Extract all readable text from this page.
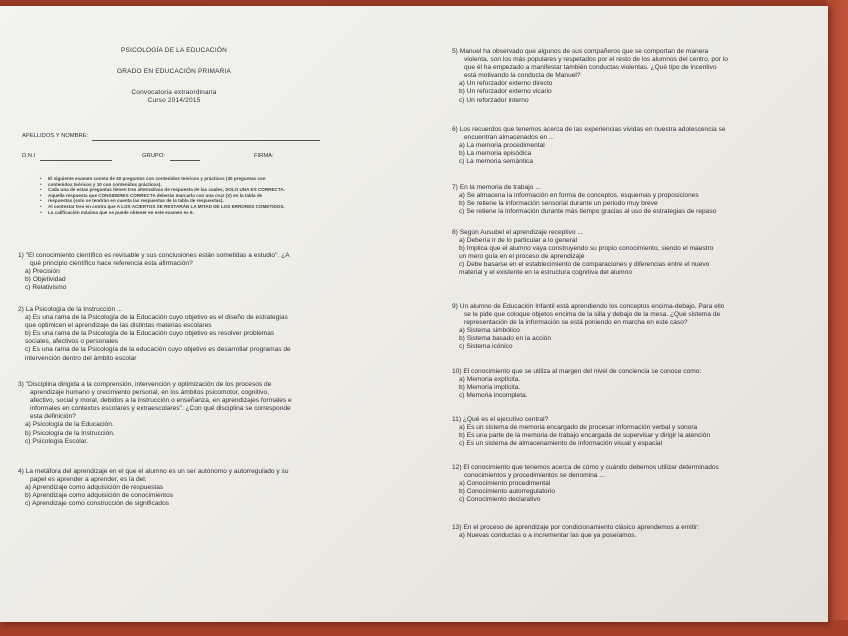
PSICOLOGÍA DE LA EDUCACIÓN
GRADO EN EDUCACIÓN PRIMARIA
Convocatoria extraordinaria
Curso 2014/2015
APELLIDOS Y NOMBRE:
D.N.I	GRUPO:	FIRMA:
• El siguiente examen consta de 40 preguntas con contenidos teóricos y prácticos (30 preguntas con
• contenidos teóricos y 10 con contenidos prácticos).
• Cada una de estas preguntas tienen tres alternativas de respuesta de las cuales, SOLO UNA ES CORRECTA.
• Aquella respuesta que CONSIDERES CORRECTA deberás marcarla con una cruz (X) en la tabla de
• respuestas (solo se tendrán en cuenta las respuestas de la tabla de respuestas).
• Al contestar tres en contra que A LOS ACIERTOS SE RESTARÁN LA MITAD DE LOS ERRORES COMETIDOS.
• La calificación máxima que se puede obtener en este examen es 6.
1) "El conocimiento científico es revisable y sus conclusiones están sometidas a estudio". ¿A
qué principio científico hace referencia esta afirmación?
a) Precisión
b) Objetividad
c) Relativismo
2) La Psicología de la Instrucción ...
a) Es una rama de la Psicología de la Educación cuyo objetivo es el diseño de estrategias
que optimicen el aprendizaje de las distintas materias escolares
b) Es una rama de la Psicología de la Educación cuyo objetivo es resolver problemas
sociales, afectivos o personales
c) Es una rama de la Psicología de la educación cuyo objetivo es desarrollar programas de
intervención dentro del ámbito escolar
3) "Disciplina dirigida a la comprensión, intervención y optimización de los procesos de
aprendizaje humano y crecimiento personal, en los ámbitos psicomotor, cognitivo,
afectivo, social y moral, debidos a la instrucción o enseñanza, en aprendizajes formales e
informales en contextos escolares y extraescolares". ¿Con qué disciplina se corresponde
esta definición?
a) Psicología de la Educación.
b) Psicología de la Instrucción.
c) Psicología Escolar.
4) La metáfora del aprendizaje en el que el alumno es un ser autónomo y autorregulado y su
papel es aprender a aprender, es la del:
a) Aprendizaje como adquisición de respuestas
b) Aprendizaje como adquisición de conocimientos
c) Aprendizaje como construcción de significados
5) Manuel ha observado que algunos de sus compañeros que se comportan de manera
violenta, son los más populares y respetados por el resto de los alumnos del centro, por lo
que él ha empezado a manifestar también conductas violentas. ¿Qué tipo de incentivo
está motivando la conducta de Manuel?
a) Un reforzador externo directo
b) Un reforzador externo vicario
c) Un reforzador interno
6) Los recuerdos que tenemos acerca de las experiencias vividas en nuestra adolescencia se
encuentran almacenados en ...
a) La memoria procedimental
b) La memoria episódica
c) La memoria semántica
7) En la memoria de trabajo ...
a) Se almacena la información en forma de conceptos, esquemas y proposiciones
b) Se retiene la información sensorial durante un periodo muy breve
c) Se retiene la información durante más tiempo gracias al uso de estrategias de repaso
8) Según Ausubel el aprendizaje receptivo ...
a) Debería ir de lo particular a lo general
b) Implica que el alumno vaya construyendo su propio conocimiento, siendo el maestro
un mero guía en el proceso de aprendizaje
c) Debe basarse en el establecimiento de comparaciones y diferencias entre el nuevo
material y el existente en la estructura cognitiva del alumno
9) Un alumno de Educación Infantil está aprendiendo los conceptos encima-debajo. Para ello
se le pide que coloque objetos encima de la silla y debajo de la mesa. ¿Qué sistema de
representación de la información se está poniendo en marcha en este caso?
a) Sistema simbólico
b) Sistema basado en la acción
c) Sistema icónico
10) El conocimiento que se utiliza al margen del nivel de conciencia se conoce como:
a) Memoria explícita.
b) Memoria implícita.
c) Memoria incompleta.
11) ¿Qué es el ejecutivo central?
a) Es un sistema de memoria encargado de procesar información verbal y sonora
b) Es una parte de la memoria de trabajo encargada de supervisar y dirigir la atención
c) Es un sistema de almacenamiento de información visual y espacial
12) El conocimiento que tenemos acerca de cómo y cuándo debemos utilizar determinados
conocimientos y procedimientos se denomina ...
a) Conocimiento procedimental
b) Conocimiento autorregulatorio
c) Conocimiento declarativo
13) En el proceso de aprendizaje por condicionamiento clásico aprendemos a emitir:
a) Nuevas conductas o a incrementar las que ya poseíamos.
